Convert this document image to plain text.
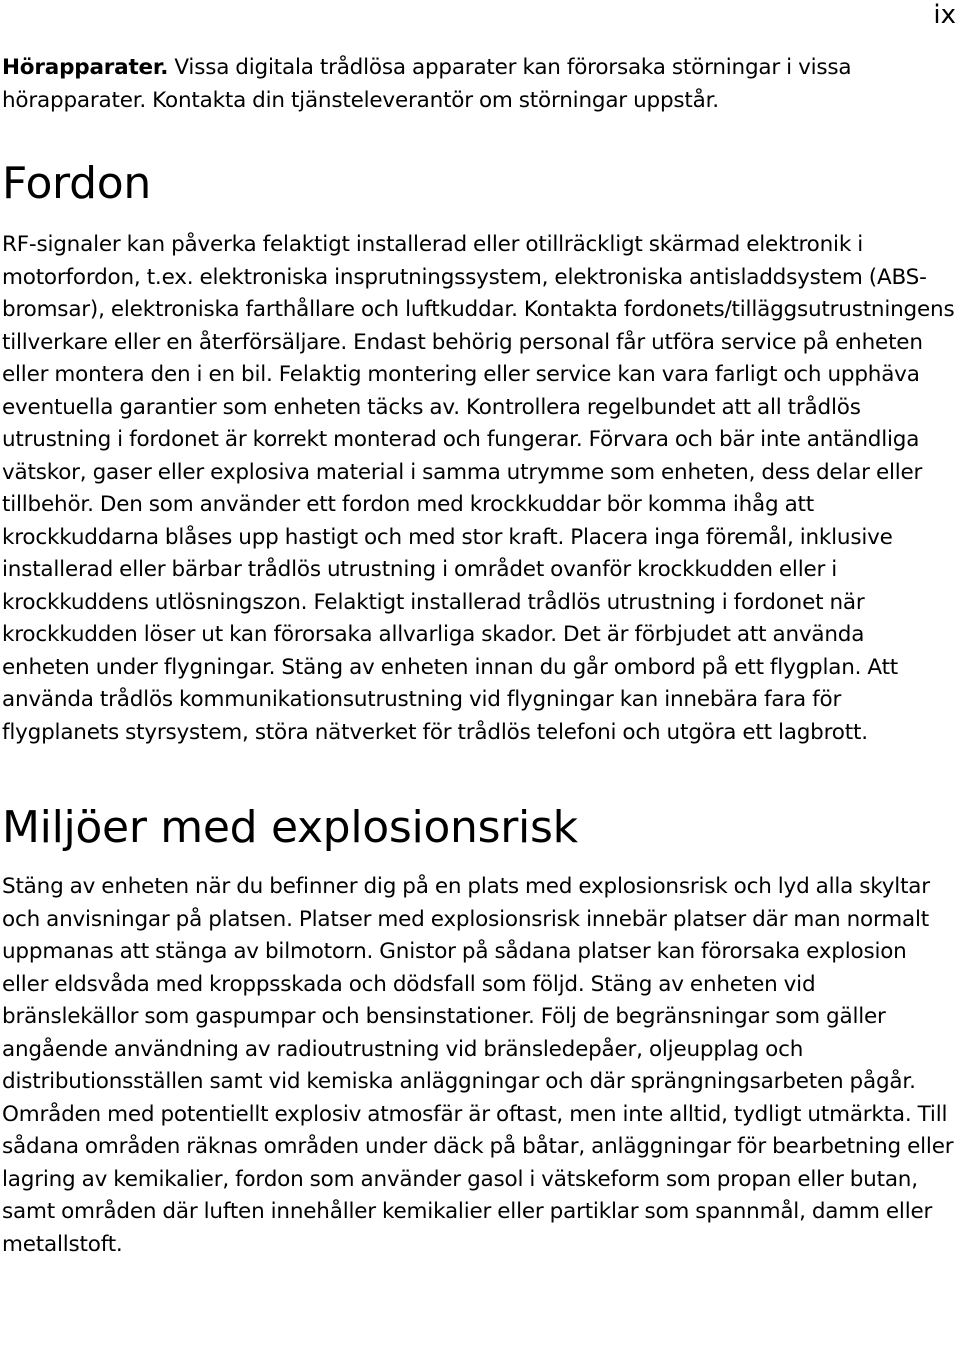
ix

Hörapparater. Vissa digitala trådlösa apparater kan förorsaka störningar i vissa hörapparater. Kontakta din tjänsteleverantör om störningar uppstår.

Fordon

RF-signaler kan påverka felaktigt installerad eller otillräckligt skärmad elektronik i motorfordon, t.ex. elektroniska insprutningssystem, elektroniska antisladdsystem (ABS-bromsar), elektroniska farthållare och luftkuddar. Kontakta fordonets/tilläggsutrustningens tillverkare eller en återförsäljare. Endast behörig personal får utföra service på enheten eller montera den i en bil. Felaktig montering eller service kan vara farligt och upphäva eventuella garantier som enheten täcks av. Kontrollera regelbundet att all trådlös utrustning i fordonet är korrekt monterad och fungerar. Förvara och bär inte antändliga vätskor, gaser eller explosiva material i samma utrymme som enheten, dess delar eller tillbehör. Den som använder ett fordon med krockkuddar bör komma ihåg att krockkuddarna blåses upp hastigt och med stor kraft. Placera inga föremål, inklusive installerad eller bärbar trådlös utrustning i området ovanför krockkudden eller i krockkuddens utlösningszon. Felaktigt installerad trådlös utrustning i fordonet när krockkudden löser ut kan förorsaka allvarliga skador. Det är förbjudet att använda enheten under flygningar. Stäng av enheten innan du går ombord på ett flygplan. Att använda trådlös kommunikationsutrustning vid flygningar kan innebära fara för flygplanets styrsystem, störa nätverket för trådlös telefoni och utgöra ett lagbrott.

Miljöer med explosionsrisk

Stäng av enheten när du befinner dig på en plats med explosionsrisk och lyd alla skyltar och anvisningar på platsen. Platser med explosionsrisk innebär platser där man normalt uppmanas att stänga av bilmotorn. Gnistor på sådana platser kan förorsaka explosion eller eldsvåda med kroppsskada och dödsfall som följd. Stäng av enheten vid bränslekällor som gaspumpar och bensinstationer. Följ de begränsningar som gäller angående användning av radioutrustning vid bränsledepåer, oljeupplag och distributionsställen samt vid kemiska anläggningar och där sprängningsarbeten pågår. Områden med potentiellt explosiv atmosfär är oftast, men inte alltid, tydligt utmärkta. Till sådana områden räknas områden under däck på båtar, anläggningar för bearbetning eller lagring av kemikalier, fordon som använder gasol i vätskeform som propan eller butan, samt områden där luften innehåller kemikalier eller partiklar som spannmål, damm eller metallstoft.
